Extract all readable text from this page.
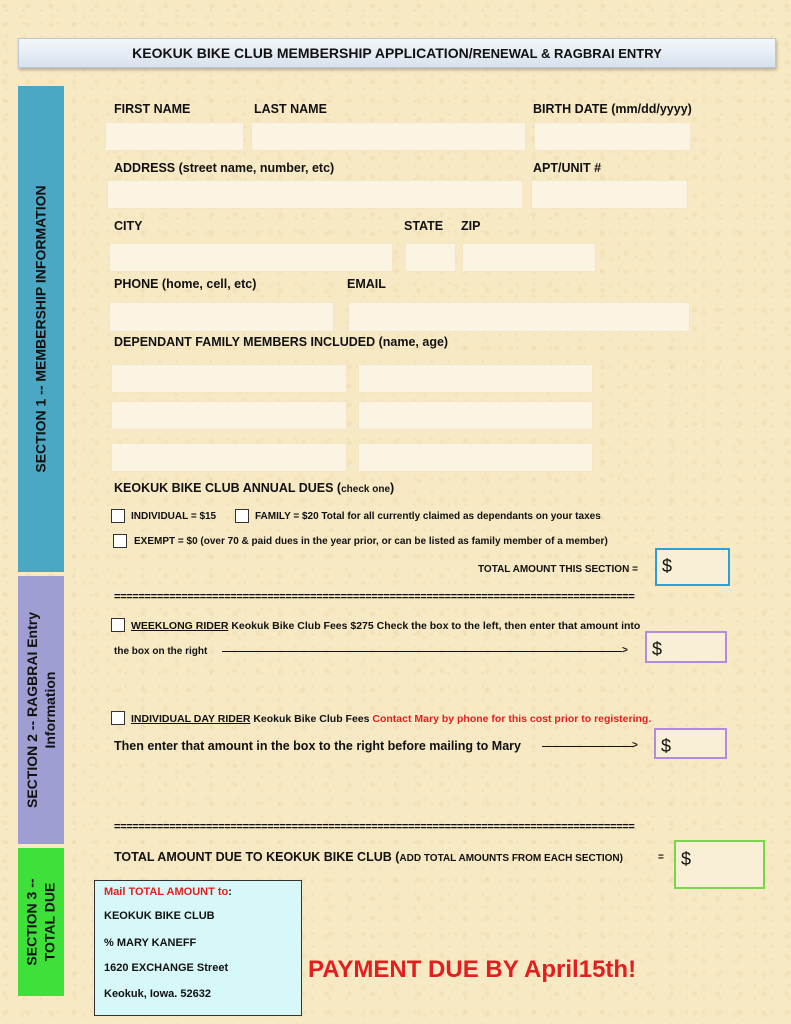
KEOKUK BIKE CLUB MEMBERSHIP APPLICATION/ RENEWAL & RAGBRAI ENTRY
SECTION 1 -- MEMBERSHIP INFORMATION
SECTION 2 -- RAGBRAI Entry Information
SECTION 3 -- TOTAL DUE
FIRST NAME	LAST NAME	BIRTH DATE (mm/dd/yyyy)
ADDRESS (street name, number, etc)	APT/UNIT #
CITY	STATE ZIP
PHONE (home, cell, etc)	EMAIL
DEPENDANT FAMILY MEMBERS INCLUDED (name, age)
KEOKUK BIKE CLUB ANNUAL DUES (check one)
INDIVIDUAL = $15	FAMILY = $20 Total for all currently claimed as dependants on your taxes
EXEMPT = $0 (over 70 & paid dues in the year prior, or can be listed as family member of a member)
TOTAL AMOUNT THIS SECTION =	$
=====================================================================================
WEEKLONG RIDER Keokuk Bike Club Fees $275 Check the box to the left, then enter that amount into
the box on the right	>	$
INDIVIDUAL DAY RIDER Keokuk Bike Club Fees Contact Mary by phone for this cost prior to registering.
Then enter that amount in the box to the right before mailing to Mary	>	$
=====================================================================================
TOTAL AMOUNT DUE TO KEOKUK BIKE CLUB (ADD TOTAL AMOUNTS FROM EACH SECTION)	= $
Mail TOTAL AMOUNT to:
KEOKUK BIKE CLUB
% MARY KANEFF
1620 EXCHANGE Street
Keokuk, Iowa. 52632
PAYMENT DUE BY April15th!
